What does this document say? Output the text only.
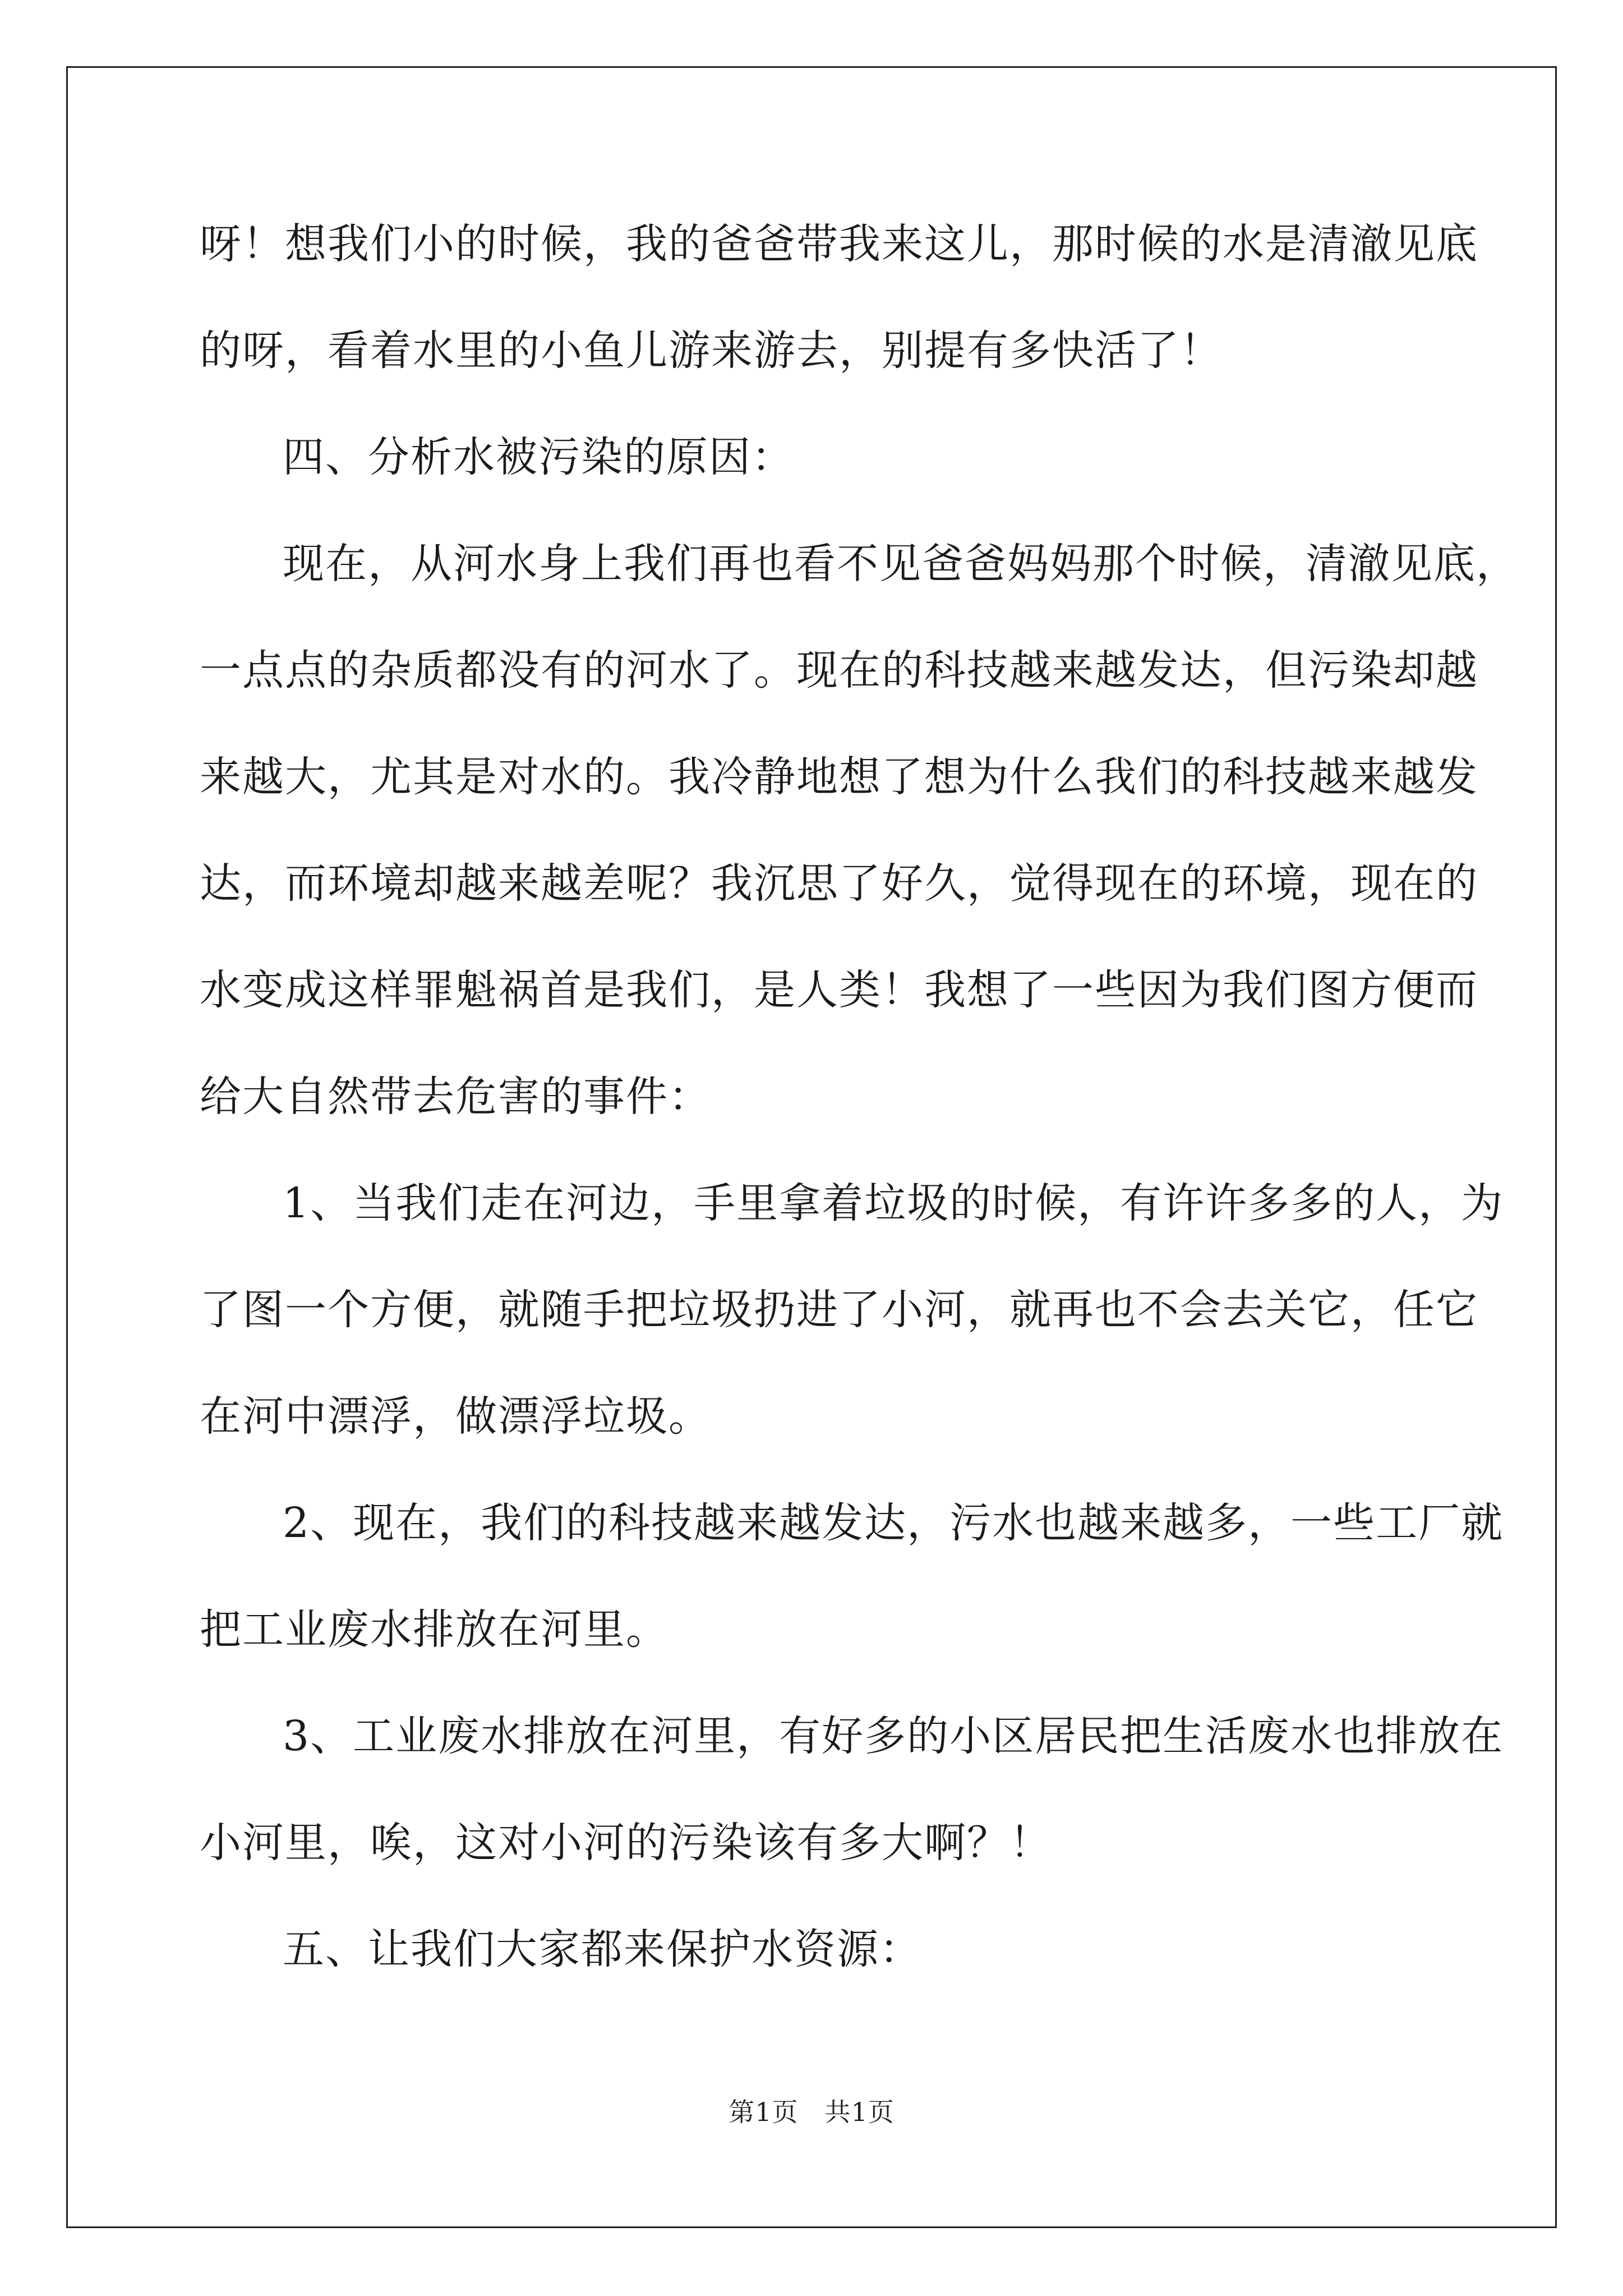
呀！想我们小的时候，我的爸爸带我来这儿，那时候的水是清澈见底
的呀，看着水里的小鱼儿游来游去，别提有多快活了！
四、分析水被污染的原因：
现在，从河水身上我们再也看不见爸爸妈妈那个时候，清澈见底，
一点点的杂质都没有的河水了。现在的科技越来越发达，但污染却越
来越大，尤其是对水的。我冷静地想了想为什么我们的科技越来越发
达，而环境却越来越差呢？我沉思了好久，觉得现在的环境，现在的
水变成这样罪魁祸首是我们，是人类！我想了一些因为我们图方便而
给大自然带去危害的事件：
1、当我们走在河边，手里拿着垃圾的时候，有许许多多的人，为
了图一个方便，就随手把垃圾扔进了小河，就再也不会去关它，任它
在河中漂浮，做漂浮垃圾。
2、现在，我们的科技越来越发达，污水也越来越多，一些工厂就
把工业废水排放在河里。
3、工业废水排放在河里，有好多的小区居民把生活废水也排放在
小河里，唉，这对小河的污染该有多大啊？！
五、让我们大家都来保护水资源：
第1页　共1页
